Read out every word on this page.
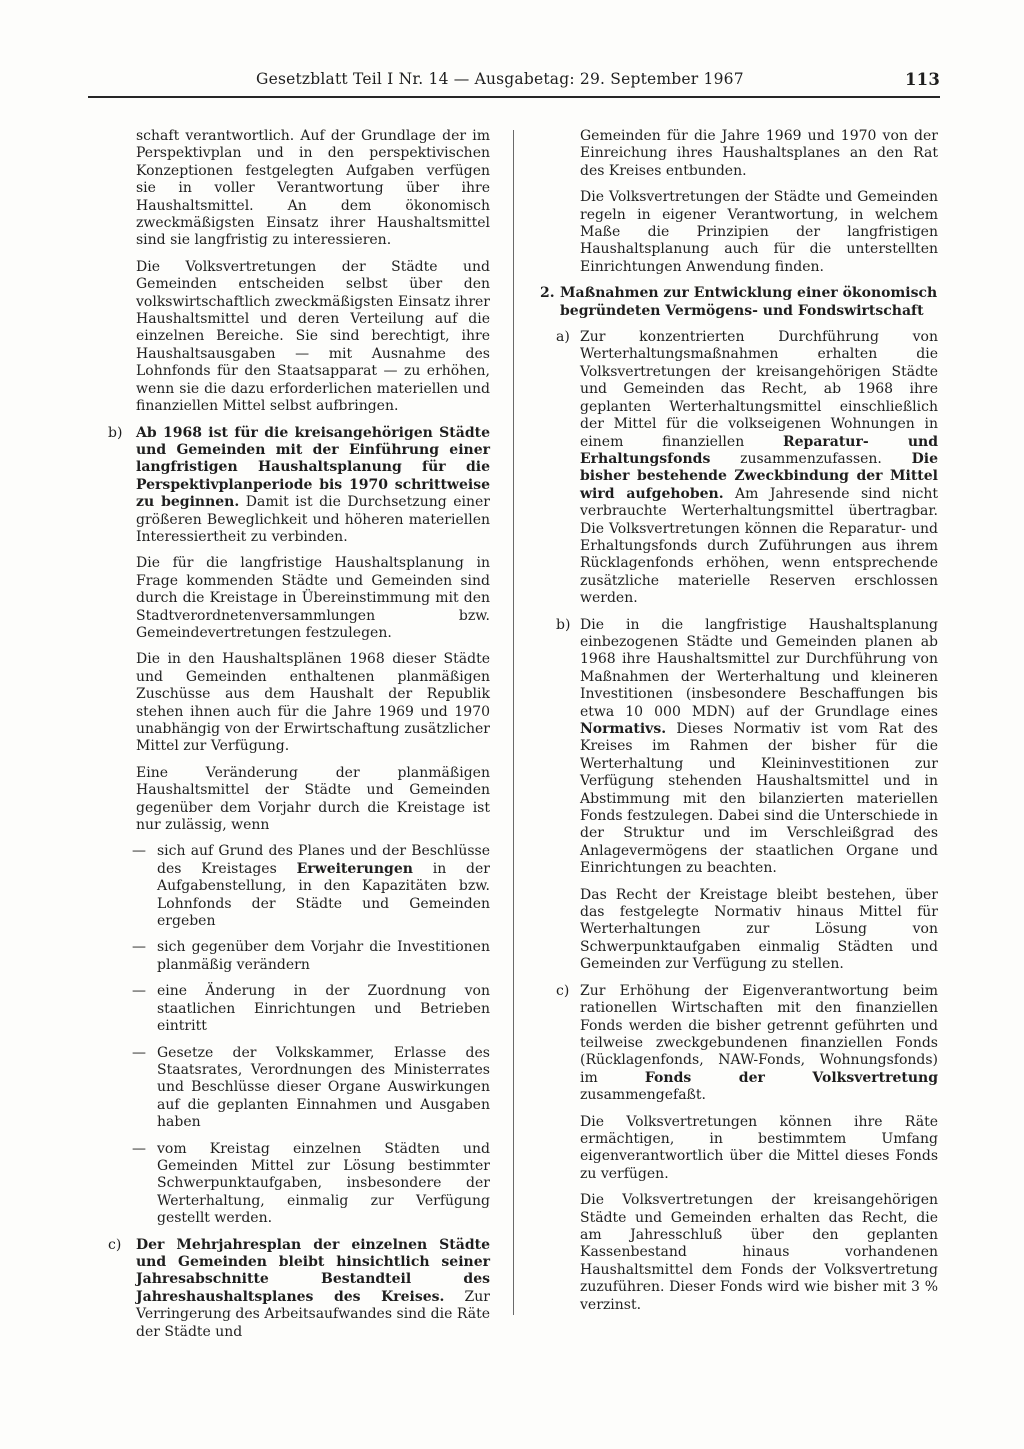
Gesetzblatt Teil I Nr. 14 — Ausgabetag: 29. September 1967	113

schaft verantwortlich. Auf der Grundlage der im Perspektivplan und in den perspektivischen Konzeptionen festgelegten Aufgaben verfügen sie in voller Verantwortung über ihre Haushaltsmittel. An dem ökonomisch zweckmäßigsten Einsatz ihrer Haushaltsmittel sind sie langfristig zu interessieren.

Die Volksvertretungen der Städte und Gemeinden entscheiden selbst über den volkswirtschaftlich zweckmäßigsten Einsatz ihrer Haushaltsmittel und deren Verteilung auf die einzelnen Bereiche. Sie sind berechtigt, ihre Haushaltsausgaben — mit Ausnahme des Lohnfonds für den Staatsapparat — zu erhöhen, wenn sie die dazu erforderlichen materiellen und finanziellen Mittel selbst aufbringen.

b) Ab 1968 ist für die kreisangehörigen Städte und Gemeinden mit der Einführung einer langfristigen Haushaltsplanung für die Perspektivplanperiode bis 1970 schrittweise zu beginnen. Damit ist die Durchsetzung einer größeren Beweglichkeit und höheren materiellen Interessiertheit zu verbinden.

Die für die langfristige Haushaltsplanung in Frage kommenden Städte und Gemeinden sind durch die Kreistage in Übereinstimmung mit den Stadtverordnetenversammlungen bzw. Gemeindevertretungen festzulegen.

Die in den Haushaltsplänen 1968 dieser Städte und Gemeinden enthaltenen planmäßigen Zuschüsse aus dem Haushalt der Republik stehen ihnen auch für die Jahre 1969 und 1970 unabhängig von der Erwirtschaftung zusätzlicher Mittel zur Verfügung.

Eine Veränderung der planmäßigen Haushaltsmittel der Städte und Gemeinden gegenüber dem Vorjahr durch die Kreistage ist nur zulässig, wenn

— sich auf Grund des Planes und der Beschlüsse des Kreistages Erweiterungen in der Aufgabenstellung, in den Kapazitäten bzw. Lohnfonds der Städte und Gemeinden ergeben

— sich gegenüber dem Vorjahr die Investitionen planmäßig verändern

— eine Änderung in der Zuordnung von staatlichen Einrichtungen und Betrieben eintritt

— Gesetze der Volkskammer, Erlasse des Staatsrates, Verordnungen des Ministerrates und Beschlüsse dieser Organe Auswirkungen auf die geplanten Einnahmen und Ausgaben haben

— vom Kreistag einzelnen Städten und Gemeinden Mittel zur Lösung bestimmter Schwerpunktaufgaben, insbesondere der Werterhaltung, einmalig zur Verfügung gestellt werden.

c) Der Mehrjahresplan der einzelnen Städte und Gemeinden bleibt hinsichtlich seiner Jahresabschnitte Bestandteil des Jahreshaushaltsplanes des Kreises. Zur Verringerung des Arbeitsaufwandes sind die Räte der Städte und

Gemeinden für die Jahre 1969 und 1970 von der Einreichung ihres Haushaltsplanes an den Rat des Kreises entbunden.

Die Volksvertretungen der Städte und Gemeinden regeln in eigener Verantwortung, in welchem Maße die Prinzipien der langfristigen Haushaltsplanung auch für die unterstellten Einrichtungen Anwendung finden.

2. Maßnahmen zur Entwicklung einer ökonomisch begründeten Vermögens- und Fondswirtschaft

a) Zur konzentrierten Durchführung von Werterhaltungsmaßnahmen erhalten die Volksvertretungen der kreisangehörigen Städte und Gemeinden das Recht, ab 1968 ihre geplanten Werterhaltungsmittel einschließlich der Mittel für die volkseigenen Wohnungen in einem finanziellen Reparatur- und Erhaltungsfonds zusammenzufassen. Die bisher bestehende Zweckbindung der Mittel wird aufgehoben. Am Jahresende sind nicht verbrauchte Werterhaltungsmittel übertragbar. Die Volksvertretungen können die Reparatur- und Erhaltungsfonds durch Zuführungen aus ihrem Rücklagenfonds erhöhen, wenn entsprechende zusätzliche materielle Reserven erschlossen werden.

b) Die in die langfristige Haushaltsplanung einbezogenen Städte und Gemeinden planen ab 1968 ihre Haushaltsmittel zur Durchführung von Maßnahmen der Werterhaltung und kleineren Investitionen (insbesondere Beschaffungen bis etwa 10 000 MDN) auf der Grundlage eines Normativs. Dieses Normativ ist vom Rat des Kreises im Rahmen der bisher für die Werterhaltung und Kleininvestitionen zur Verfügung stehenden Haushaltsmittel und in Abstimmung mit den bilanzierten materiellen Fonds festzulegen. Dabei sind die Unterschiede in der Struktur und im Verschleißgrad des Anlagevermögens der staatlichen Organe und Einrichtungen zu beachten.

Das Recht der Kreistage bleibt bestehen, über das festgelegte Normativ hinaus Mittel für Werterhaltungen zur Lösung von Schwerpunktaufgaben einmalig Städten und Gemeinden zur Verfügung zu stellen.

c) Zur Erhöhung der Eigenverantwortung beim rationellen Wirtschaften mit den finanziellen Fonds werden die bisher getrennt geführten und teilweise zweckgebundenen finanziellen Fonds (Rücklagenfonds, NAW-Fonds, Wohnungsfonds) im Fonds der Volksvertretung zusammengefaßt.

Die Volksvertretungen können ihre Räte ermächtigen, in bestimmtem Umfang eigenverantwortlich über die Mittel dieses Fonds zu verfügen.

Die Volksvertretungen der kreisangehörigen Städte und Gemeinden erhalten das Recht, die am Jahresschluß über den geplanten Kassenbestand hinaus vorhandenen Haushaltsmittel dem Fonds der Volksvertretung zuzuführen. Dieser Fonds wird wie bisher mit 3 % verzinst.
